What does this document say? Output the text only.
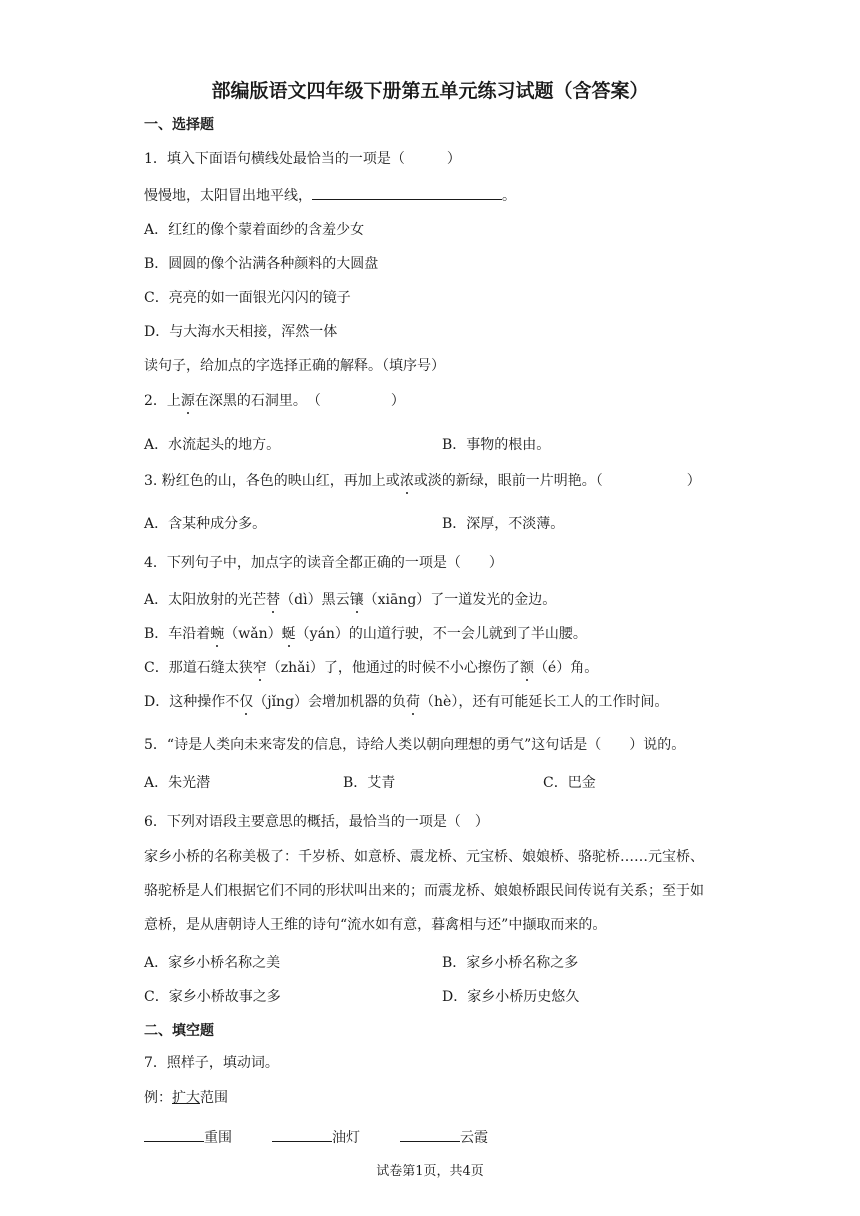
部编版语文四年级下册第五单元练习试题（含答案）
一、选择题
1．填入下面语句横线处最恰当的一项是（　　　）
慢慢地，太阳冒出地平线，	。
A．红红的像个蒙着面纱的含羞少女
B．圆圆的像个沾满各种颜料的大圆盘
C．亮亮的如一面银光闪闪的镜子
D．与大海水天相接，浑然一体
读句子，给加点的字选择正确的解释。（填序号）
2．上源在深黑的石洞里。　（　　　　　）
A．水流起头的地方。	B．事物的根由。
3. 粉红色的山，各色的映山红，再加上或浓或淡的新绿，眼前一片明艳。（　　　　　　）
A．含某种成分多。	B．深厚，不淡薄。
4．下列句子中，加点字的读音全都正确的一项是（　　）
A．太阳放射的光芒替（dì）黑云镶（xiāng）了一道发光的金边。
B．车沿着蜿（wǎn）蜒（yán）的山道行驶，不一会儿就到了半山腰。
C．那道石缝太狭窄（zhǎi）了，他通过的时候不小心擦伤了额（é）角。
D．这种操作不仅（jǐng）会增加机器的负荷（hè），还有可能延长工人的工作时间。
5．“诗是人类向未来寄发的信息，诗给人类以朝向理想的勇气”这句话是（　　）说的。
A．朱光潜	B．艾青	C．巴金
6．下列对语段主要意思的概括，最恰当的一项是（　）
家乡小桥的名称美极了：千岁桥、如意桥、震龙桥、元宝桥、娘娘桥、骆驼桥……元宝桥、骆驼桥是人们根据它们不同的形状叫出来的；而震龙桥、娘娘桥跟民间传说有关系；至于如意桥，是从唐朝诗人王维的诗句“流水如有意，暮禽相与还”中撷取而来的。
A．家乡小桥名称之美	B．家乡小桥名称之多
C．家乡小桥故事之多	D．家乡小桥历史悠久
二、填空题
7．照样子，填动词。
例：扩大范围
重围	油灯	云霞
试卷第1页，共4页
